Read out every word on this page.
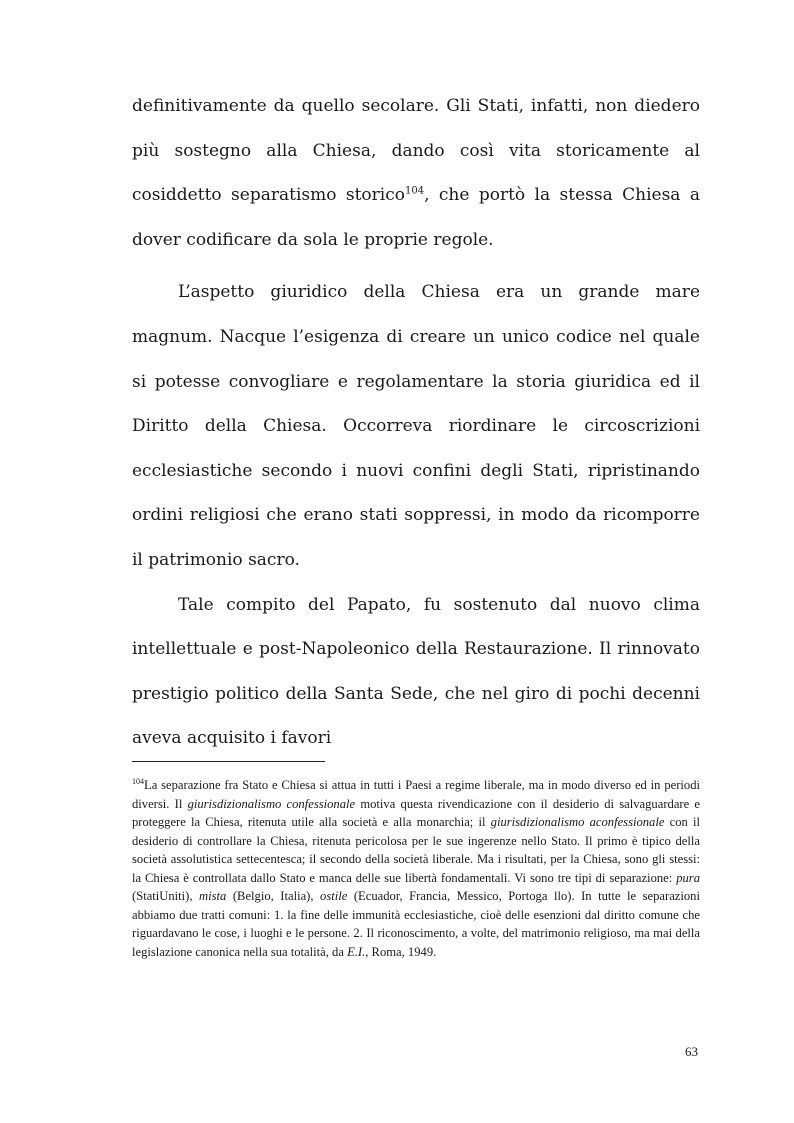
definitivamente da quello secolare. Gli Stati, infatti, non diedero più sostegno alla Chiesa, dando così vita storicamente al cosiddetto separatismo storico$^{104}$, che portò la stessa Chiesa a dover codificare da sola le proprie regole.

L’aspetto giuridico della Chiesa era un grande mare magnum. Nacque l’esigenza di creare un unico codice nel quale si potesse convogliare e regolamentare la storia giuridica ed il Diritto della Chiesa. Occorreva riordinare le circoscrizioni ecclesiastiche secondo i nuovi confini degli Stati, ripristinando ordini religiosi che erano stati soppressi, in modo da ricomporre il patrimonio sacro.

Tale compito del Papato, fu sostenuto dal nuovo clima intellettuale e post-Napoleonico della Restaurazione. Il rinnovato prestigio politico della Santa Sede, che nel giro di pochi decenni aveva acquisito i favori

$^{104}$La separazione fra Stato e Chiesa si attua in tutti i Paesi a regime liberale, ma in modo diverso ed in periodi diversi. Il giurisdizionalismo confessionale motiva questa rivendicazione con il desiderio di salvaguardare e proteggere la Chiesa, ritenuta utile alla società e alla monarchia; il giurisdizionalismo aconfessionale con il desiderio di controllare la Chiesa, ritenuta pericolosa per le sue ingerenze nello Stato. Il primo è tipico della società assolutistica settecentesca; il secondo della società liberale. Ma i risultati, per la Chiesa, sono gli stessi: la Chiesa è controllata dallo Stato e manca delle sue libertà fondamentali. Vi sono tre tipi di separazione: pura (StatiUniti), mista (Belgio, Italia), ostile (Ecuador, Francia, Messico, Portoga llo). In tutte le separazioni abbiamo due tratti comuni: 1. la fine delle immunità ecclesiastiche, cioè delle esenzioni dal diritto comune che riguardavano le cose, i luoghi e le persone. 2. Il riconoscimento, a volte, del matrimonio religioso, ma mai della legislazione canonica nella sua totalità, da E.I., Roma, 1949.

63
